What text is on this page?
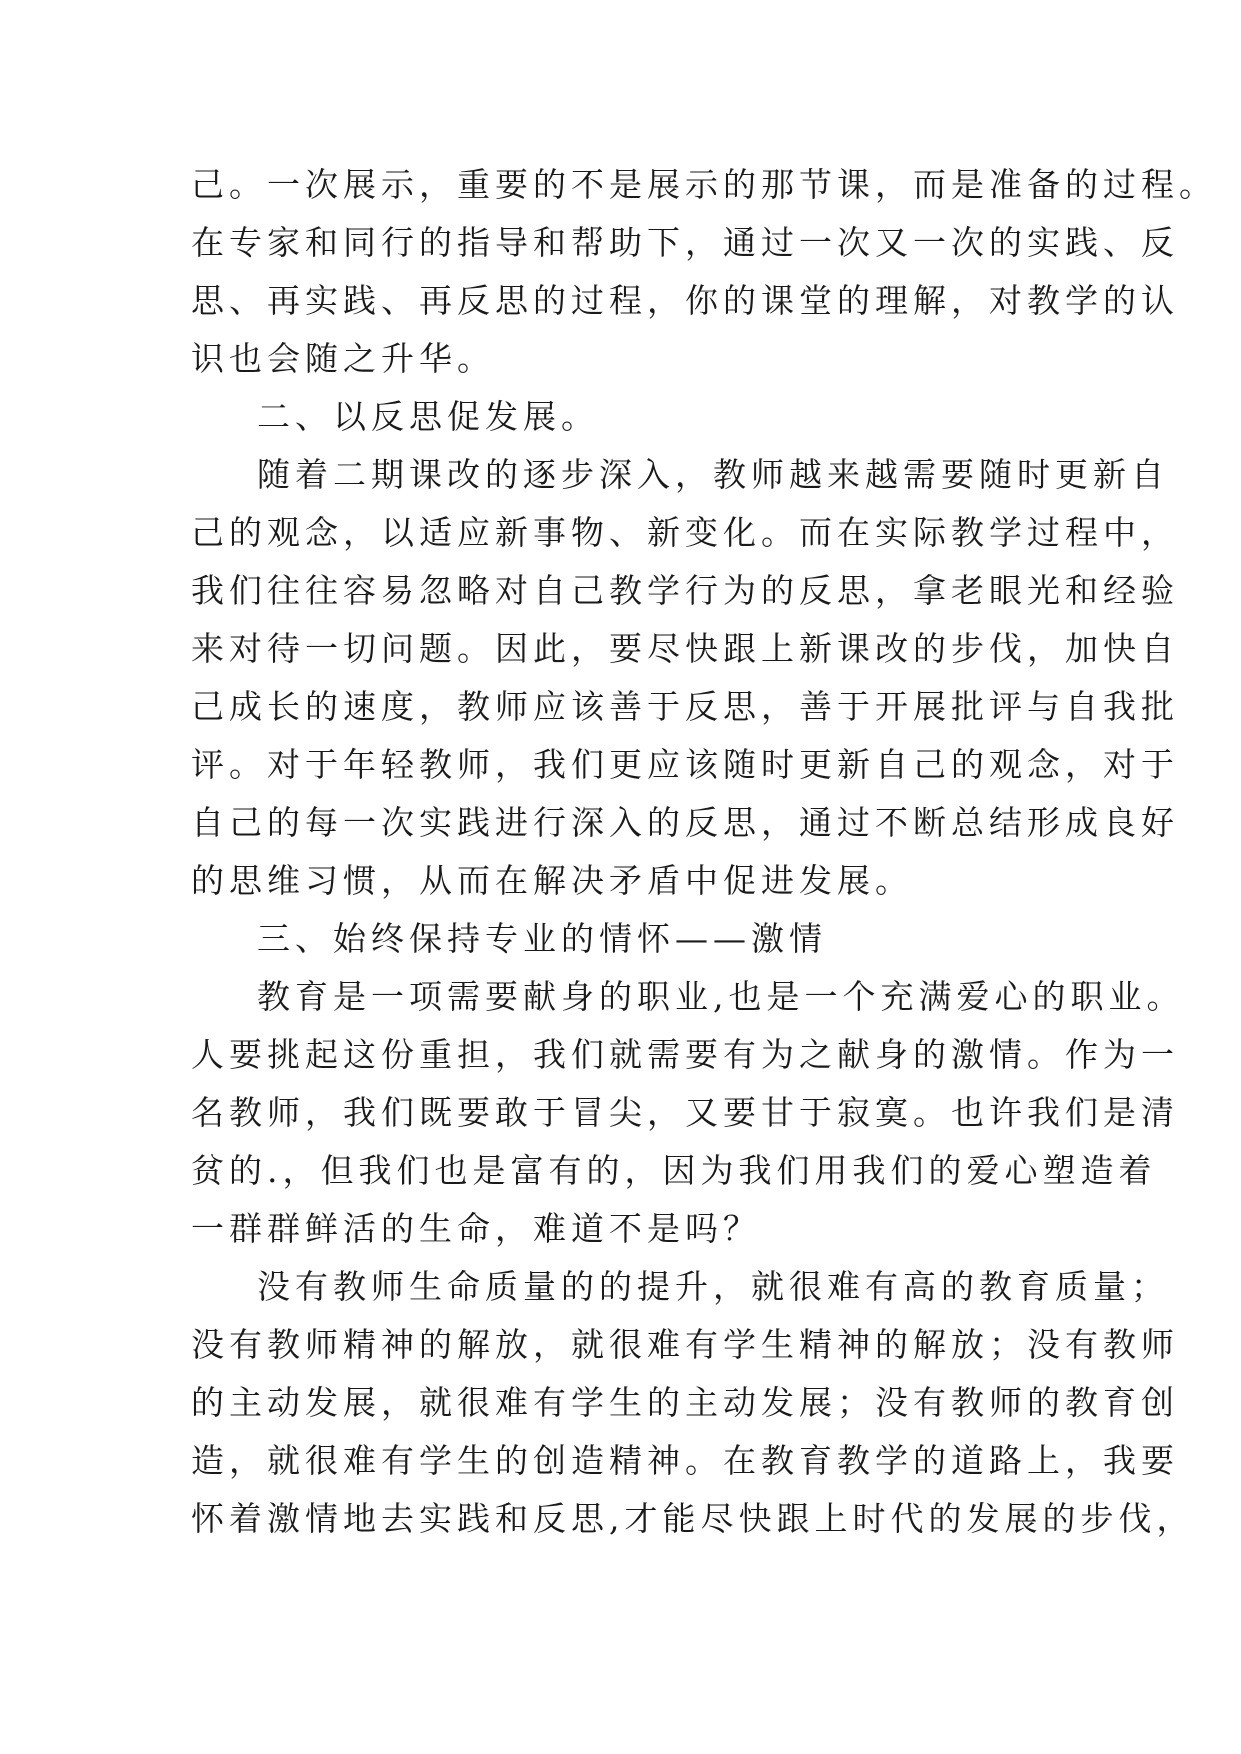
己。一次展示，重要的不是展示的那节课，而是准备的过程。
在专家和同行的指导和帮助下，通过一次又一次的实践、反
思、再实践、再反思的过程，你的课堂的理解，对教学的认
识也会随之升华。
二、以反思促发展。
随着二期课改的逐步深入，教师越来越需要随时更新自
己的观念，以适应新事物、新变化。而在实际教学过程中，
我们往往容易忽略对自己教学行为的反思，拿老眼光和经验
来对待一切问题。因此，要尽快跟上新课改的步伐，加快自
己成长的速度，教师应该善于反思，善于开展批评与自我批
评。对于年轻教师，我们更应该随时更新自己的观念，对于
自己的每一次实践进行深入的反思，通过不断总结形成良好
的思维习惯，从而在解决矛盾中促进发展。
三、始终保持专业的情怀——激情
教育是一项需要献身的职业,也是一个充满爱心的职业。
人要挑起这份重担，我们就需要有为之献身的激情。作为一
名教师，我们既要敢于冒尖，又要甘于寂寞。也许我们是清
贫的.，但我们也是富有的，因为我们用我们的爱心塑造着
一群群鲜活的生命，难道不是吗？
没有教师生命质量的的提升，就很难有高的教育质量；
没有教师精神的解放，就很难有学生精神的解放；没有教师
的主动发展，就很难有学生的主动发展；没有教师的教育创
造，就很难有学生的创造精神。在教育教学的道路上，我要
怀着激情地去实践和反思,才能尽快跟上时代的发展的步伐，
